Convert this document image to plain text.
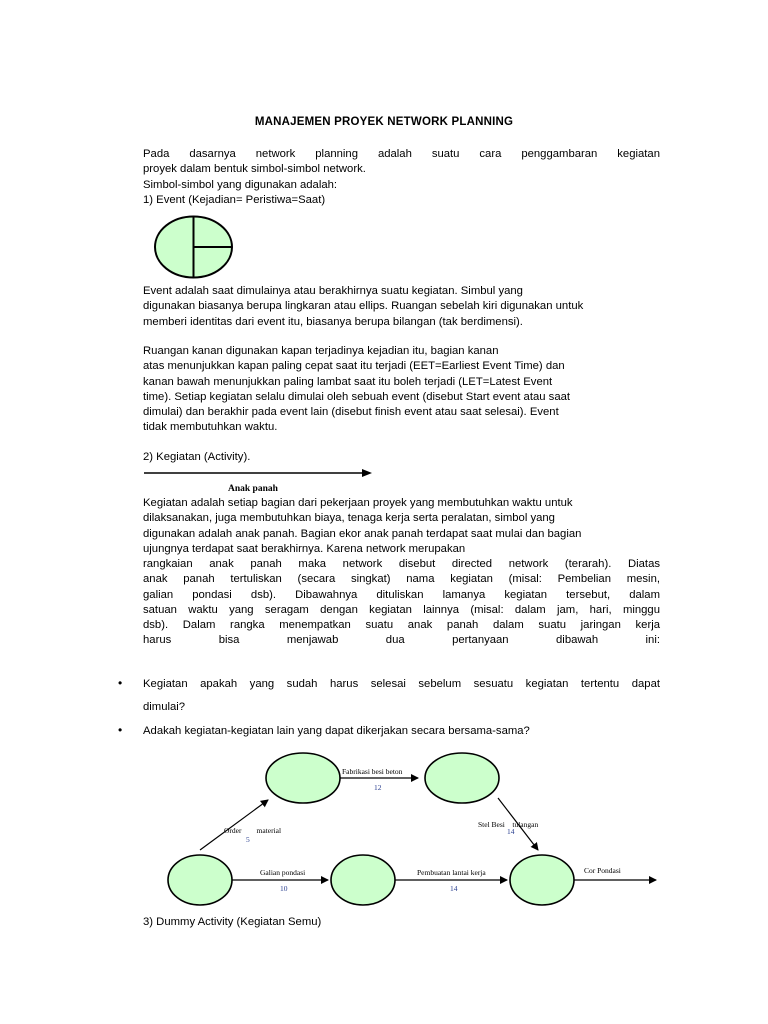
MANAJEMEN PROYEK NETWORK PLANNING
Pada dasarnya network planning adalah suatu cara penggambaran kegiatan
proyek dalam bentuk simbol-simbol network.
Simbol-simbol yang digunakan adalah:
1) Event (Kejadian= Peristiwa=Saat)
Event adalah saat dimulainya atau berakhirnya suatu kegiatan. Simbul yang
digunakan biasanya berupa lingkaran atau ellips. Ruangan sebelah kiri digunakan untuk
memberi identitas dari event itu, biasanya berupa bilangan (tak berdimensi).
Ruangan kanan digunakan kapan terjadinya kejadian itu, bagian kanan
atas menunjukkan kapan paling cepat saat itu terjadi (EET=Earliest Event Time) dan
kanan bawah menunjukkan paling lambat saat itu boleh terjadi (LET=Latest Event
time). Setiap kegiatan selalu dimulai oleh sebuah event (disebut Start event atau saat
dimulai) dan berakhir pada event lain (disebut finish event atau saat selesai). Event
tidak membutuhkan waktu.
2) Kegiatan (Activity).
Anak panah
Kegiatan adalah setiap bagian dari pekerjaan proyek yang membutuhkan waktu untuk
dilaksanakan, juga membutuhkan biaya, tenaga kerja serta peralatan, simbol yang
digunakan adalah anak panah. Bagian ekor anak panah terdapat saat mulai dan bagian
ujungnya terdapat saat berakhirnya. Karena network merupakan
rangkaian anak panah maka network disebut directed network (terarah). Diatas
anak panah tertuliskan (secara singkat) nama kegiatan (misal: Pembelian mesin,
galian pondasi dsb). Dibawahnya dituliskan lamanya kegiatan tersebut, dalam
satuan waktu yang seragam dengan kegiatan lainnya (misal: dalam jam, hari, minggu
dsb). Dalam rangka menempatkan suatu anak panah dalam suatu jaringan kerja
harus bisa menjawab dua pertanyaan dibawah ini:
• Kegiatan apakah yang sudah harus selesai sebelum sesuatu kegiatan tertentu dapat
dimulai?
• Adakah kegiatan-kegiatan lain yang dapat dikerjakan secara bersama-sama?
Fabrikasi besi beton
12
Order        material
5
Stel Besi    tulangan
14
Galian pondasi
10
Pembuatan lantai kerja
14
Cor Pondasi
3) Dummy Activity (Kegiatan Semu)
